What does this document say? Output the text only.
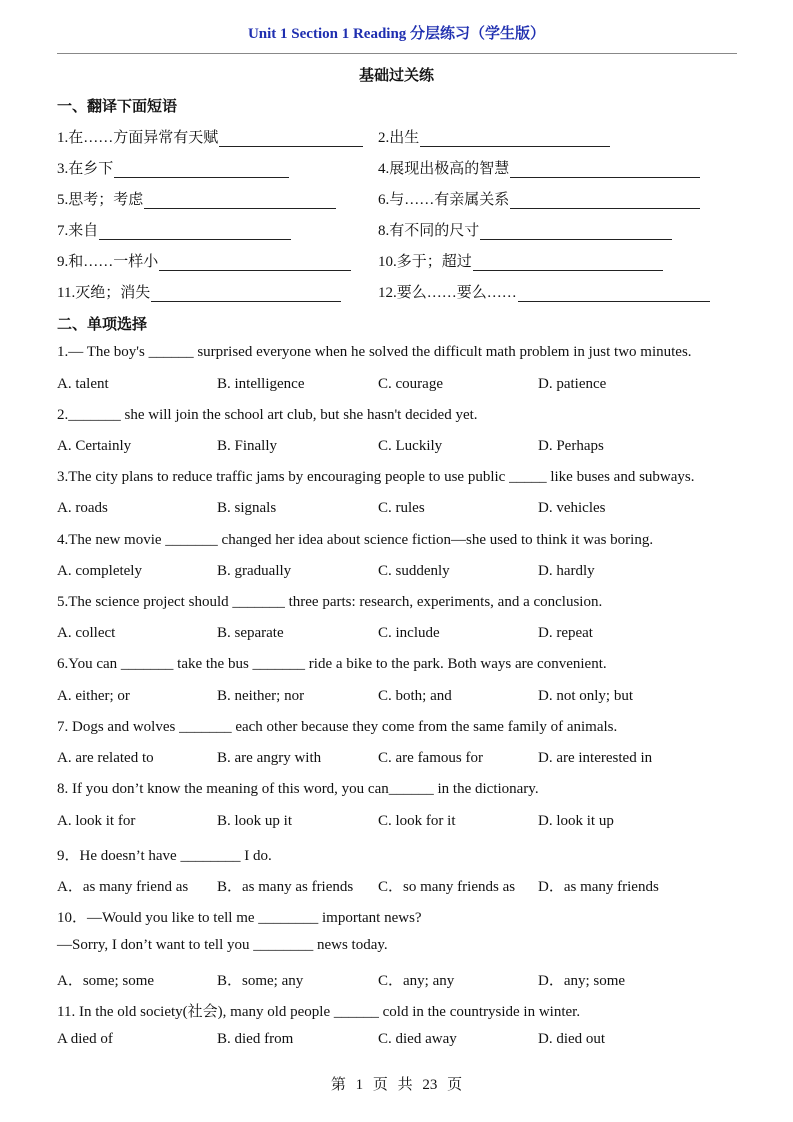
Unit 1 Section 1 Reading 分层练习（学生版）
基础过关练
一、翻译下面短语
1.在……方面异常有天赋	2.出生
3.在乡下	4.展现出极高的智慧
5.思考；考虑	6.与……有亲属关系
7.来自	8.有不同的尺寸
9.和……一样小	10.多于；超过
11.灭绝；消失	12.要么……要么……
二、单项选择
1.— The boy's ______ surprised everyone when he solved the difficult math problem in just two minutes.
A. talent	B. intelligence	C. courage	D. patience
2._______ she will join the school art club, but she hasn't decided yet.
A. Certainly	B. Finally	C. Luckily	D. Perhaps
3.The city plans to reduce traffic jams by encouraging people to use public _____ like buses and subways.
A. roads	B. signals	C. rules	D. vehicles
4.The new movie _______ changed her idea about science fiction—she used to think it was boring.
A. completely	B. gradually	C. suddenly	D. hardly
5.The science project should _______ three parts: research, experiments, and a conclusion.
A. collect	B. separate	C. include	D. repeat
6.You can _______ take the bus _______ ride a bike to the park. Both ways are convenient.
A. either; or	B. neither; nor	C. both; and	D. not only; but
7. Dogs and wolves _______ each other because they come from the same family of animals.
A. are related to	B. are angry with	C. are famous for	D. are interested in
8. If you don’t know the meaning of this word, you can______ in the dictionary.
A. look it for	B. look up it	C. look for it	D. look it up
9．He doesn’t have ________ I do.
A．as many friend as B．as many as friends C．so many friends as D．as many friends
10．—Would you like to tell me ________ important news?
—Sorry, I don’t want to tell you ________ news today.
A．some; some	B．some; any	C．any; any	D．any; some
11. In the old society(社会), many old people ______ cold in the countryside in winter.
A died of	B. died from	C. died away	D. died out
第 1 页 共 23 页
